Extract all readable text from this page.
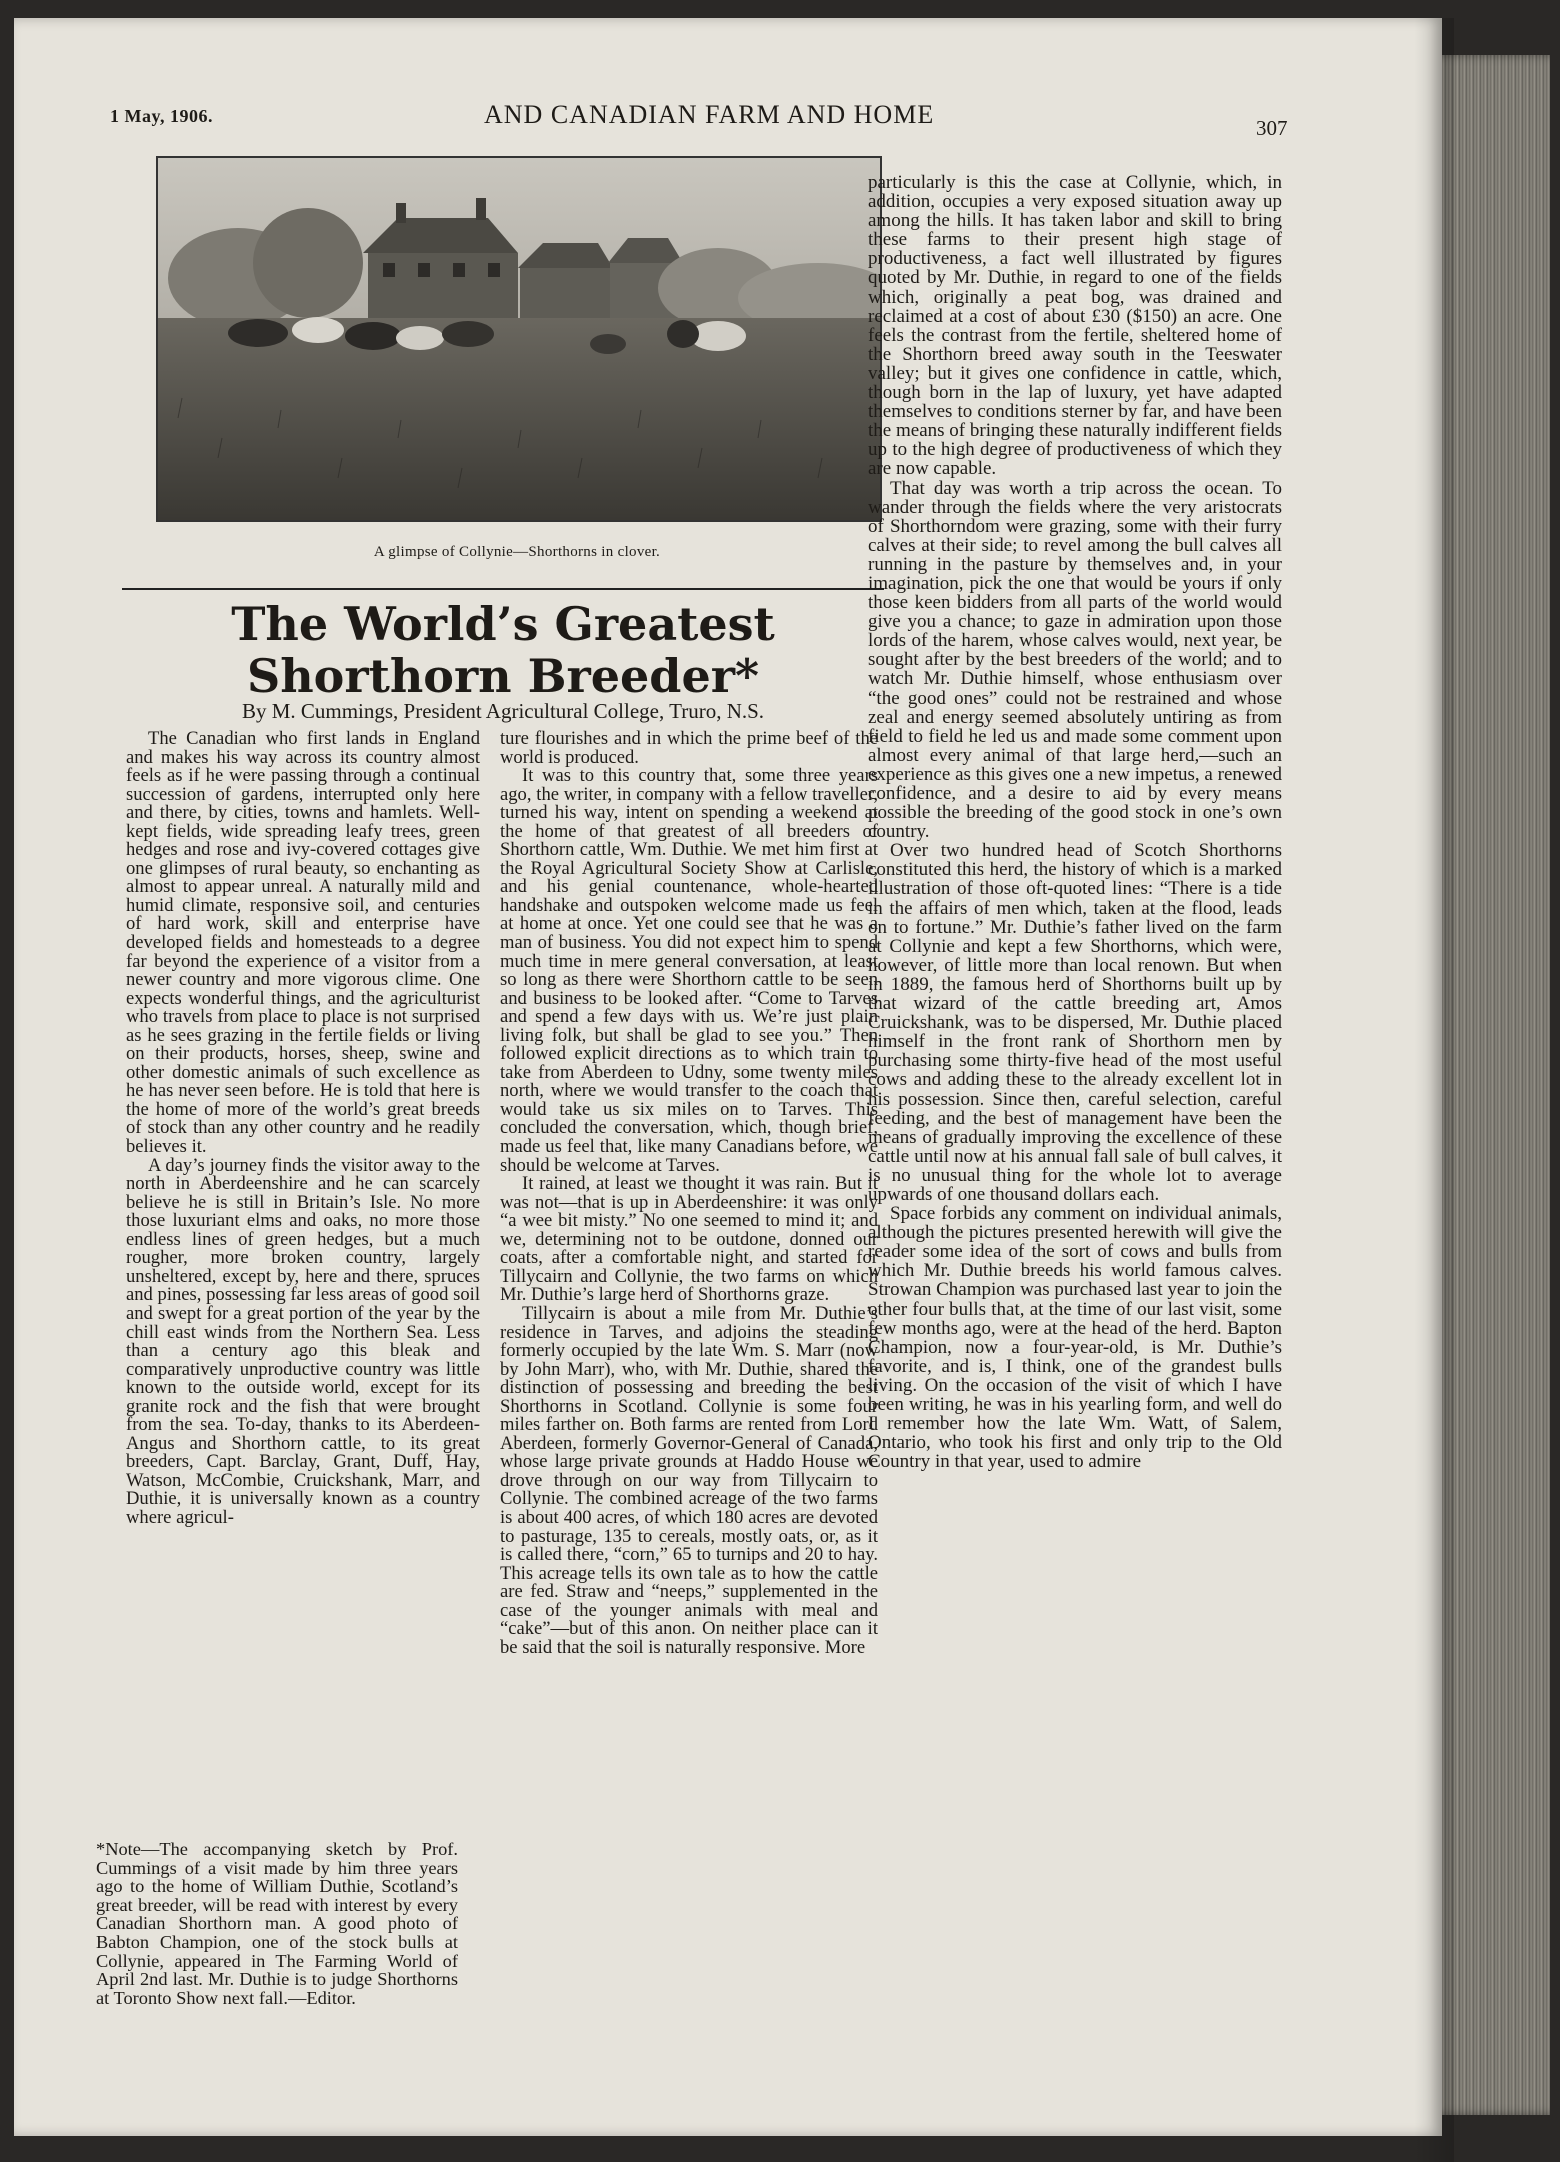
1 May, 1906.	AND CANADIAN FARM AND HOME	307
A glimpse of Collynie—Shorthorns in clover.
The World’s Greatest Shorthorn Breeder*
By M. Cummings, President Agricultural College, Truro, N.S.

The Canadian who first lands in England and makes his way across its country almost feels as if he were passing through a continual succession of gardens, interrupted only here and there, by cities, towns and hamlets. Well-kept fields, wide spreading leafy trees, green hedges and rose and ivy-covered cottages give one glimpses of rural beauty, so enchanting as almost to appear unreal. A naturally mild and humid climate, responsive soil, and centuries of hard work, skill and enterprise have developed fields and homesteads to a degree far beyond the experience of a visitor from a newer country and more vigorous clime. One expects wonderful things, and the agriculturist who travels from place to place is not surprised as he sees grazing in the fertile fields or living on their products, horses, sheep, swine and other domestic animals of such excellence as he has never seen before. He is told that here is the home of more of the world’s great breeds of stock than any other country and he readily believes it.

A day’s journey finds the visitor away to the north in Aberdeenshire and he can scarcely believe he is still in Britain’s Isle. No more those luxuriant elms and oaks, no more those endless lines of green hedges, but a much rougher, more broken country, largely unsheltered, except by, here and there, spruces and pines, possessing far less areas of good soil and swept for a great portion of the year by the chill east winds from the Northern Sea. Less than a century ago this bleak and comparatively unproductive country was little known to the outside world, except for its granite rock and the fish that were brought from the sea. To-day, thanks to its Aberdeen-Angus and Shorthorn cattle, to its great breeders, Capt. Barclay, Grant, Duff, Hay, Watson, McCombie, Cruickshank, Marr, and Duthie, it is universally known as a country where agricul-

*Note—The accompanying sketch by Prof. Cummings of a visit made by him three years ago to the home of William Duthie, Scotland’s great breeder, will be read with interest by every Canadian Shorthorn man. A good photo of Babton Champion, one of the stock bulls at Collynie, appeared in The Farming World of April 2nd last. Mr. Duthie is to judge Shorthorns at Toronto Show next fall.—Editor.

ture flourishes and in which the prime beef of the world is produced.

It was to this country that, some three years ago, the writer, in company with a fellow traveller, turned his way, intent on spending a weekend at the home of that greatest of all breeders of Shorthorn cattle, Wm. Duthie. We met him first at the Royal Agricultural Society Show at Carlisle, and his genial countenance, whole-hearted handshake and outspoken welcome made us feel at home at once. Yet one could see that he was a man of business. You did not expect him to spend much time in mere general conversation, at least so long as there were Shorthorn cattle to be seen and business to be looked after. “Come to Tarves and spend a few days with us. We’re just plain living folk, but shall be glad to see you.” Then followed explicit directions as to which train to take from Aberdeen to Udny, some twenty miles north, where we would transfer to the coach that would take us six miles on to Tarves. This concluded the conversation, which, though brief, made us feel that, like many Canadians before, we should be welcome at Tarves.

It rained, at least we thought it was rain. But it was not—that is up in Aberdeenshire: it was only “a wee bit misty.” No one seemed to mind it; and we, determining not to be outdone, donned our coats, after a comfortable night, and started for Tillycairn and Collynie, the two farms on which Mr. Duthie’s large herd of Shorthorns graze.

Tillycairn is about a mile from Mr. Duthie’s residence in Tarves, and adjoins the steading formerly occupied by the late Wm. S. Marr (now by John Marr), who, with Mr. Duthie, shared the distinction of possessing and breeding the best Shorthorns in Scotland. Collynie is some four miles farther on. Both farms are rented from Lord Aberdeen, formerly Governor-General of Canada, whose large private grounds at Haddo House we drove through on our way from Tillycairn to Collynie. The combined acreage of the two farms is about 400 acres, of which 180 acres are devoted to pasturage, 135 to cereals, mostly oats, or, as it is called there, “corn,” 65 to turnips and 20 to hay. This acreage tells its own tale as to how the cattle are fed. Straw and “neeps,” supplemented in the case of the younger animals with meal and “cake”—but of this anon. On neither place can it be said that the soil is naturally responsive. More

particularly is this the case at Collynie, which, in addition, occupies a very exposed situation away up among the hills. It has taken labor and skill to bring these farms to their present high stage of productiveness, a fact well illustrated by figures quoted by Mr. Duthie, in regard to one of the fields which, originally a peat bog, was drained and reclaimed at a cost of about £30 ($150) an acre. One feels the contrast from the fertile, sheltered home of the Shorthorn breed away south in the Teeswater valley; but it gives one confidence in cattle, which, though born in the lap of luxury, yet have adapted themselves to conditions sterner by far, and have been the means of bringing these naturally indifferent fields up to the high degree of productiveness of which they are now capable.

That day was worth a trip across the ocean. To wander through the fields where the very aristocrats of Shorthorndom were grazing, some with their furry calves at their side; to revel among the bull calves all running in the pasture by themselves and, in your imagination, pick the one that would be yours if only those keen bidders from all parts of the world would give you a chance; to gaze in admiration upon those lords of the harem, whose calves would, next year, be sought after by the best breeders of the world; and to watch Mr. Duthie himself, whose enthusiasm over “the good ones” could not be restrained and whose zeal and energy seemed absolutely untiring as from field to field he led us and made some comment upon almost every animal of that large herd,—such an experience as this gives one a new impetus, a renewed confidence, and a desire to aid by every means possible the breeding of the good stock in one’s own country.

Over two hundred head of Scotch Shorthorns constituted this herd, the history of which is a marked illustration of those oft-quoted lines: “There is a tide in the affairs of men which, taken at the flood, leads on to fortune.” Mr. Duthie’s father lived on the farm at Collynie and kept a few Shorthorns, which were, however, of little more than local renown. But when in 1889, the famous herd of Shorthorns built up by that wizard of the cattle breeding art, Amos Cruickshank, was to be dispersed, Mr. Duthie placed himself in the front rank of Shorthorn men by purchasing some thirty-five head of the most useful cows and adding these to the already excellent lot in his possession. Since then, careful selection, careful feeding, and the best of management have been the means of gradually improving the excellence of these cattle until now at his annual fall sale of bull calves, it is no unusual thing for the whole lot to average upwards of one thousand dollars each.

Space forbids any comment on individual animals, although the pictures presented herewith will give the reader some idea of the sort of cows and bulls from which Mr. Duthie breeds his world famous calves. Strowan Champion was purchased last year to join the other four bulls that, at the time of our last visit, some few months ago, were at the head of the herd. Bapton Champion, now a four-year-old, is Mr. Duthie’s favorite, and is, I think, one of the grandest bulls living. On the occasion of the visit of which I have been writing, he was in his yearling form, and well do I remember how the late Wm. Watt, of Salem, Ontario, who took his first and only trip to the Old Country in that year, used to admire
